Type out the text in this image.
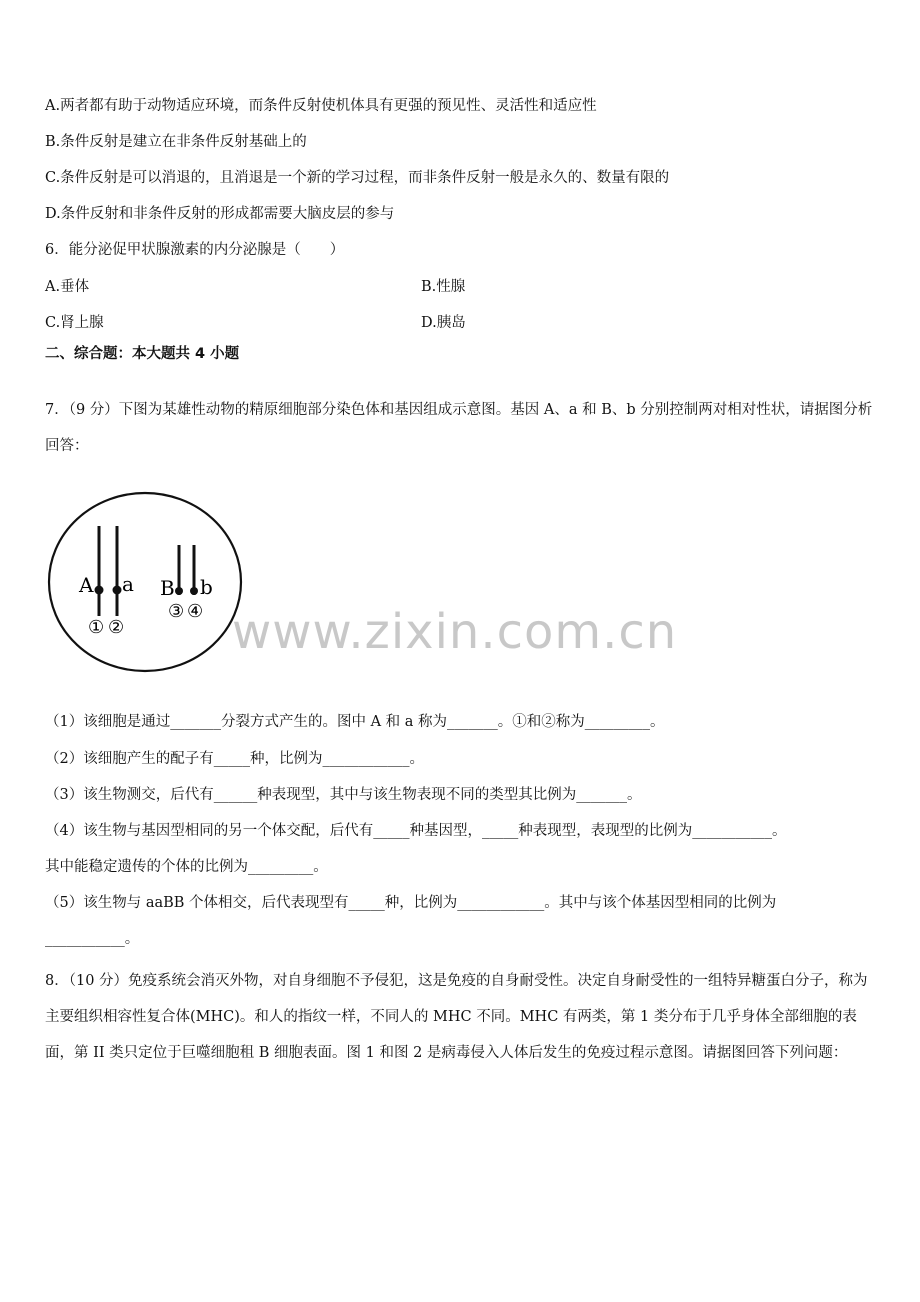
A.两者都有助于动物适应环境，而条件反射使机体具有更强的预见性、灵活性和适应性
B.条件反射是建立在非条件反射基础上的
C.条件反射是可以消退的，且消退是一个新的学习过程，而非条件反射一般是永久的、数量有限的
D.条件反射和非条件反射的形成都需要大脑皮层的参与
6．能分泌促甲状腺激素的内分泌腺是（　　）
A.垂体	B.性腺
C.肾上腺	D.胰岛
二、综合题：本大题共 4 小题
7．（9 分）下图为某雄性动物的精原细胞部分染色体和基因组成示意图。基因 A、a 和 B、b 分别控制两对相对性状，请据图分析回答：
A a B b
① ②
③ ④ www.zixin.com.cn
（1）该细胞是通过_______分裂方式产生的。图中 A 和 a 称为_______。①和②称为_________。
（2）该细胞产生的配子有_____种，比例为____________。
（3）该生物测交，后代有______种表现型，其中与该生物表现不同的类型其比例为_______。
（4）该生物与基因型相同的另一个体交配，后代有_____种基因型，_____种表现型，表现型的比例为___________。
其中能稳定遗传的个体的比例为_________。
（5）该生物与 aaBB 个体相交，后代表现型有_____种，比例为____________。其中与该个体基因型相同的比例为
___________。
8．（10 分）免疫系统会消灭外物，对自身细胞不予侵犯，这是免疫的自身耐受性。决定自身耐受性的一组特异糖蛋白分子，称为主要组织相容性复合体(MHC)。和人的指纹一样，不同人的 MHC 不同。MHC 有两类，第 1 类分布于几乎身体全部细胞的表面，第 II 类只定位于巨噬细胞租 B 细胞表面。图 1 和图 2 是病毒侵入人体后发生的免疫过程示意图。请据图回答下列问题：
